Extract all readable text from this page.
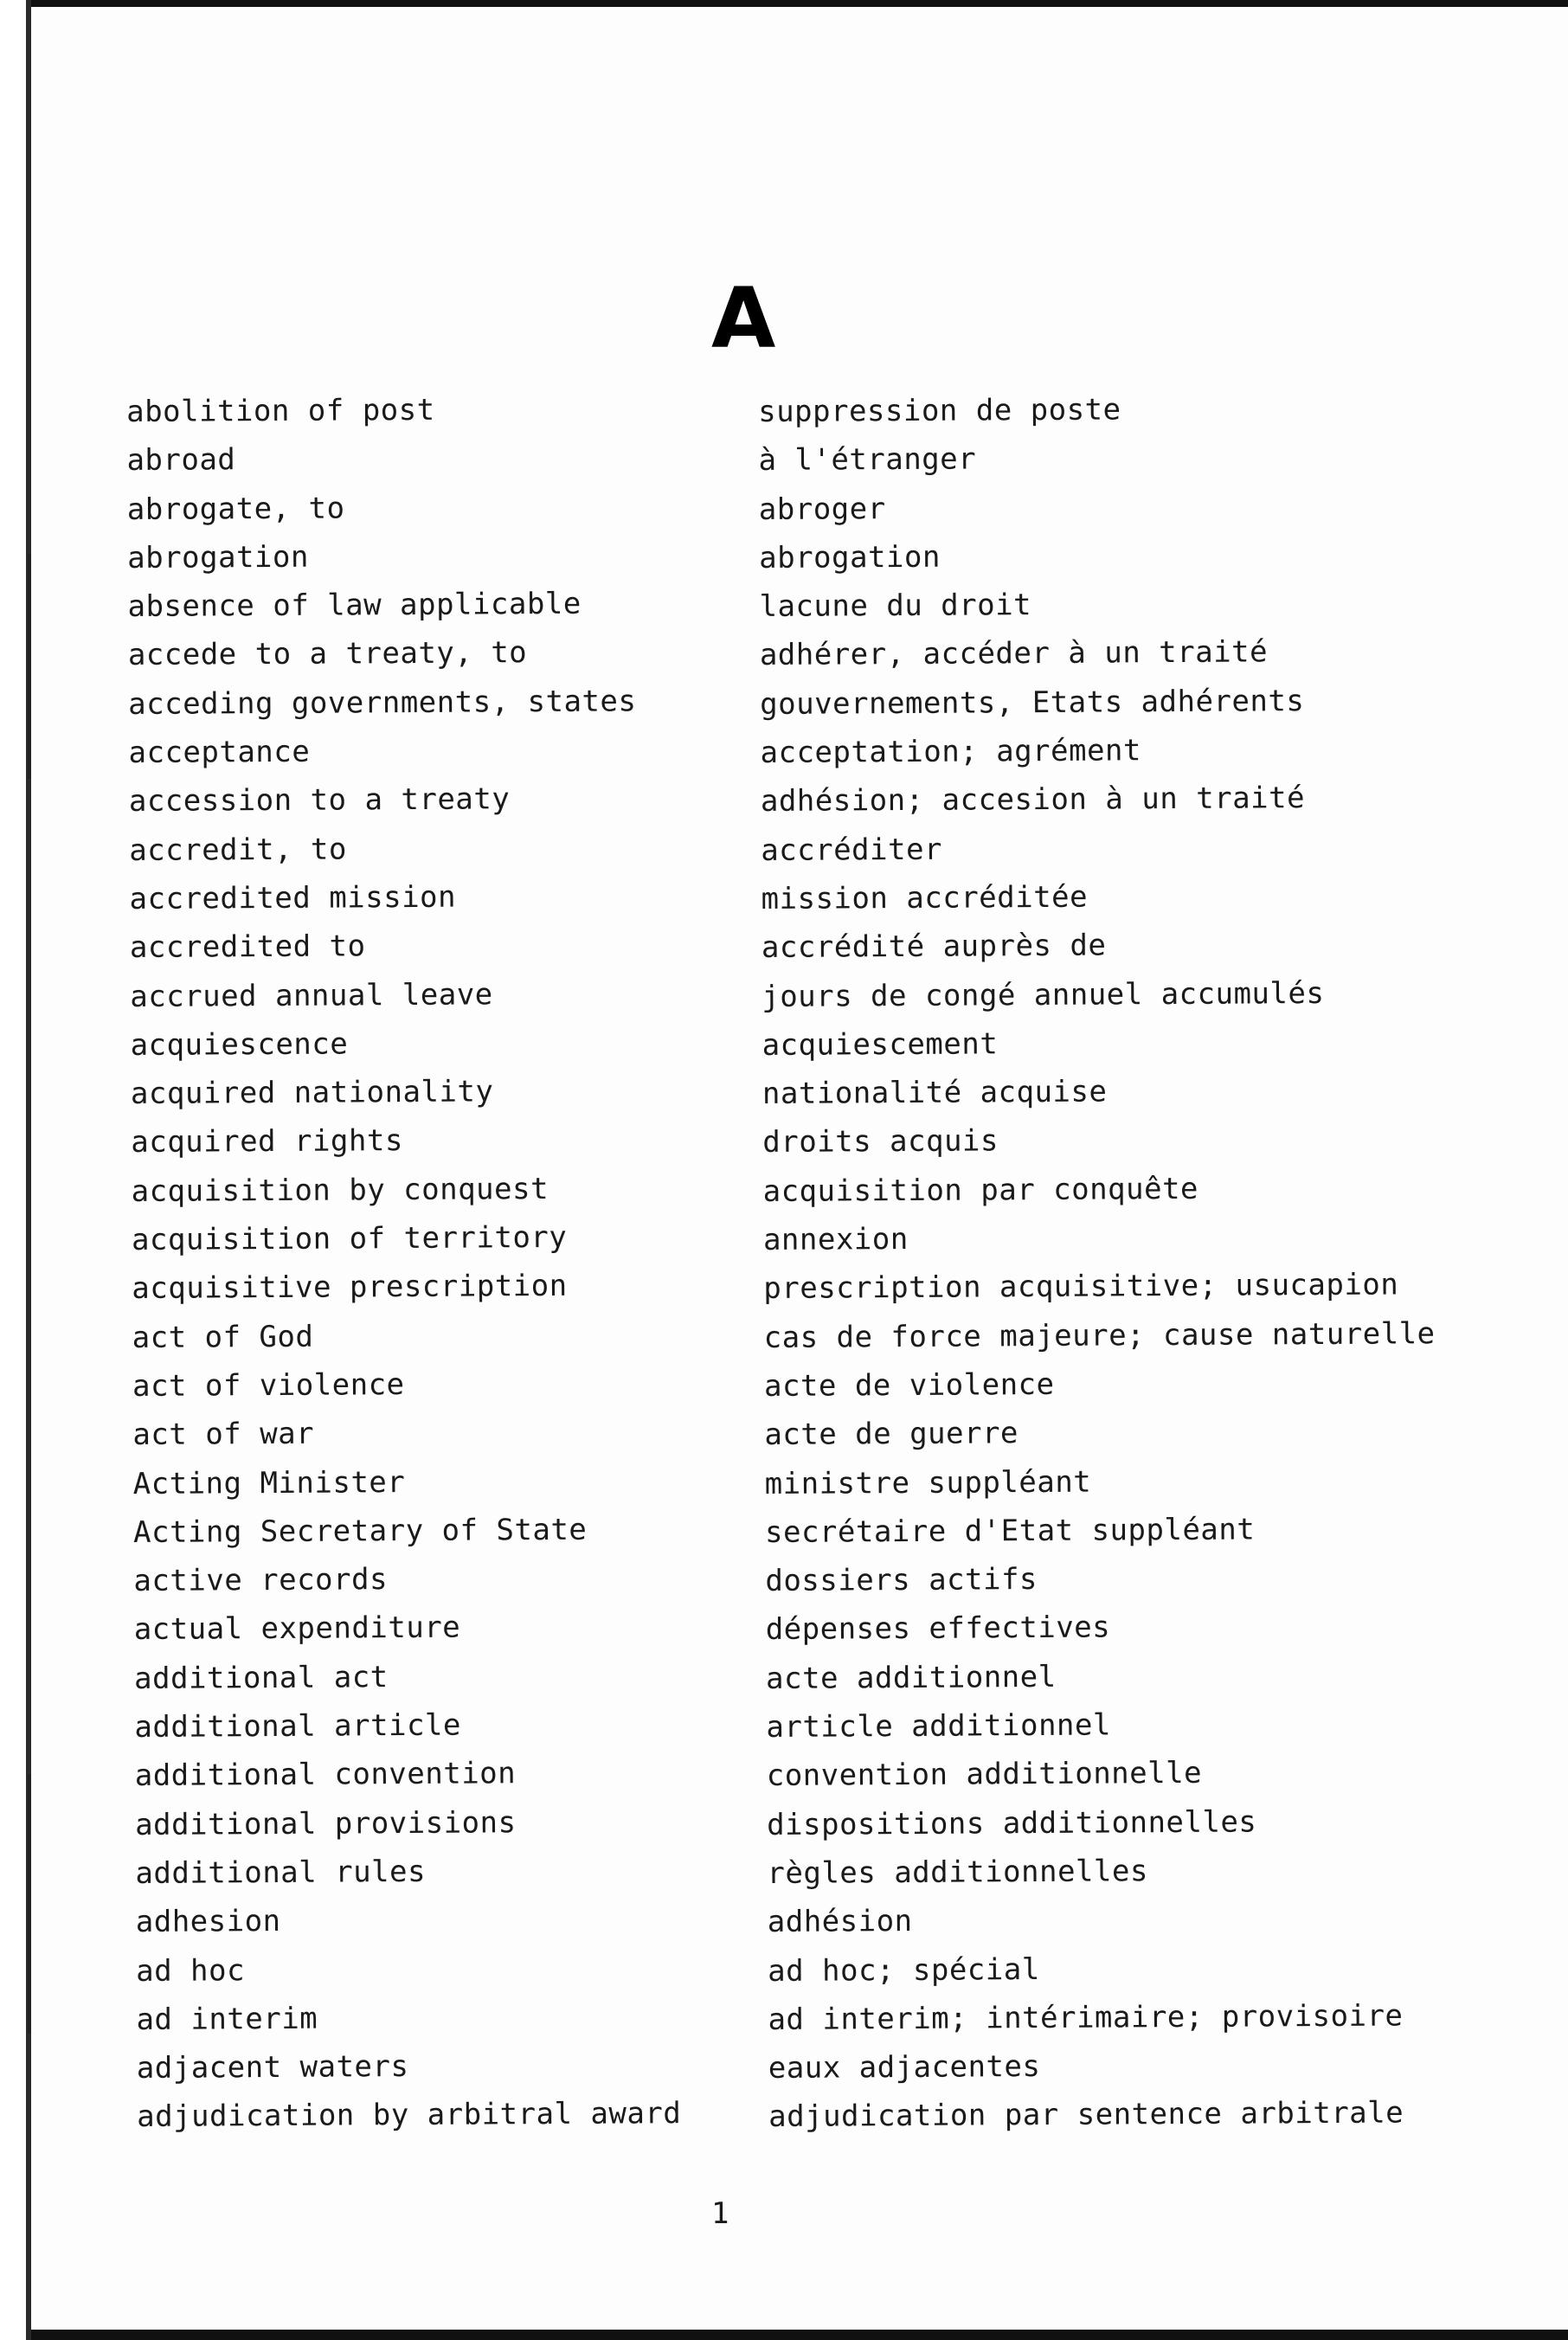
A
abolition of post
abroad
abrogate, to
abrogation
absence of law applicable
accede to a treaty, to
acceding governments, states
acceptance
accession to a treaty
accredit, to
accredited mission
accredited to
accrued annual leave
acquiescence
acquired nationality
acquired rights
acquisition by conquest
acquisition of territory
acquisitive prescription
act of God
act of violence
act of war
Acting Minister
Acting Secretary of State
active records
actual expenditure
additional act
additional article
additional convention
additional provisions
additional rules
adhesion
ad hoc
ad interim
adjacent waters
adjudication by arbitral award
suppression de poste
à l'étranger
abroger
abrogation
lacune du droit
adhérer, accéder à un traité
gouvernements, Etats adhérents
acceptation; agrément
adhésion; accesion à un traité
accréditer
mission accréditée
accrédité auprès de
jours de congé annuel accumulés
acquiescement
nationalité acquise
droits acquis
acquisition par conquête
annexion
prescription acquisitive; usucapion
cas de force majeure; cause naturelle
acte de violence
acte de guerre
ministre suppléant
secrétaire d'Etat suppléant
dossiers actifs
dépenses effectives
acte additionnel
article additionnel
convention additionnelle
dispositions additionnelles
règles additionnelles
adhésion
ad hoc; spécial
ad interim; intérimaire; provisoire
eaux adjacentes
adjudication par sentence arbitrale
1
